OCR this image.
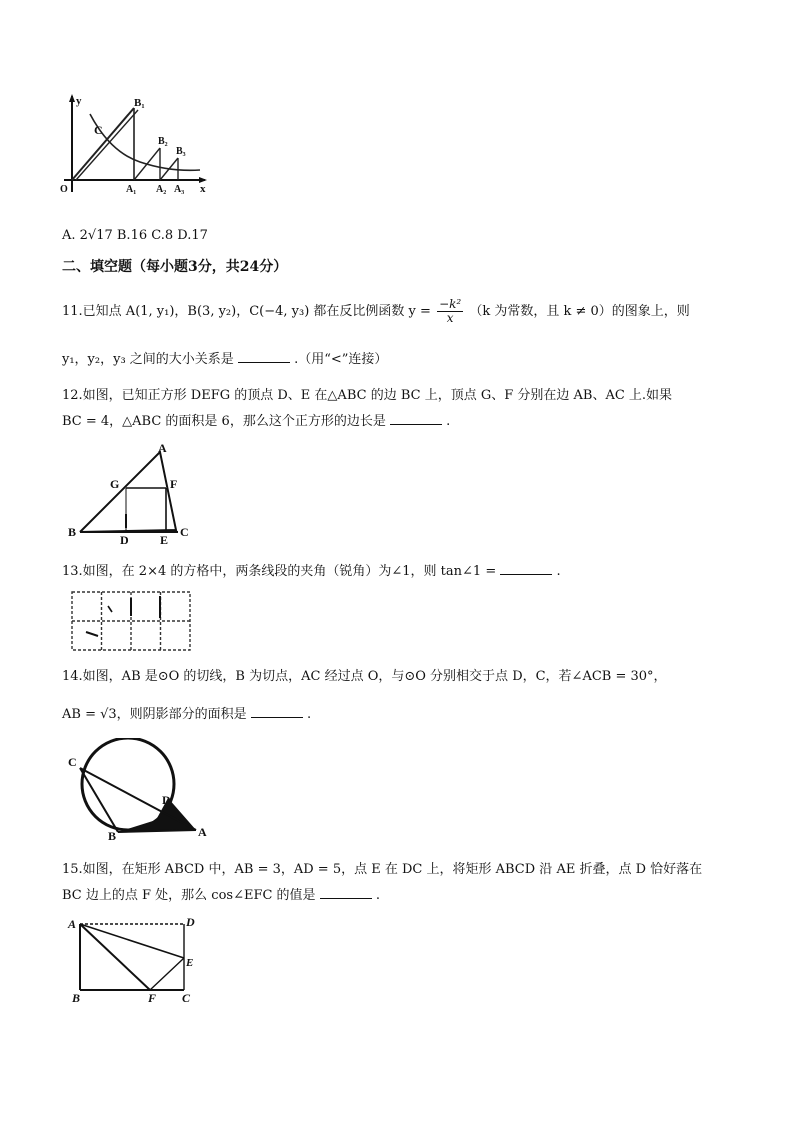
y
x
C
B₁
B₂
B₃
A₁ A₂ A₃
O
A. 2√17 B.16 C.8 D.17
二、填空题（每小题3分，共24分）
11.已知点 A(1, y₁)，B(3, y₂)，C(−4, y₃) 都在反比例函数 $y = \frac{\text{−k²}}{x} (k$ 为常数，且 k ≠ 0）的图象上，则
y₁，y₂，y₃ 之间的大小关系是	.（用“<”连接）
12.如图，已知正方形 DEFG 的顶点 D、E 在△ABC 的边 BC 上，顶点 G、F 分别在边 AB、AC 上.如果
BC = 4，△ABC 的面积是 6，那么这个正方形的边长是	.
A
G	F
B
D	E
C
13.如图，在 2×4 的方格中，两条线段的夹角（锐角）为∠1，则 tan∠1 =	.
14.如图，AB 是⊙O 的切线，B 为切点，AC 经过点 O，与⊙O 分别相交于点 D，C，若∠ACB = 30°，
AB = √3，则阴影部分的面积是	.
C
D
B	A
15.如图，在矩形 ABCD 中，AB = 3，AD = 5，点 E 在 DC 上，将矩形 ABCD 沿 AE 折叠，点 D 恰好落在
BC 边上的点 F 处，那么 cos∠EFC 的值是	.
A	D
E
B	F C
